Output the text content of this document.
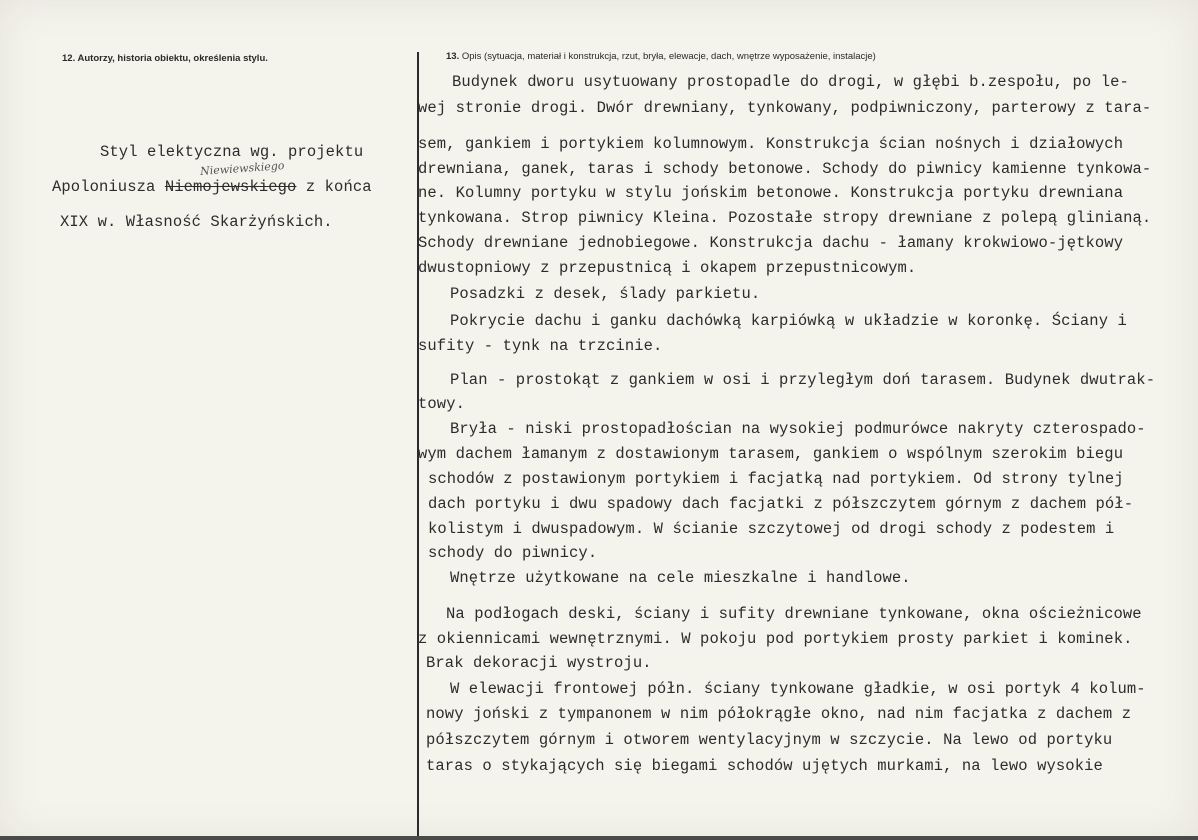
12. Autorzy, historia obiektu, określenia stylu.	13. Opis (sytuacja, materiał i konstrukcja, rzut, bryła, elewacje, dach, wnętrze wyposażenie, instalacje)
Styl elektyczna wg. projektu
Apoloniusza Niemojewskiego z końca
XIX w. Własność Skarżyńskich.
Niewiewskiego
Budynek dworu usytuowany prostopadle do drogi, w głębi b.zespołu, po le-
wej stronie drogi. Dwór drewniany, tynkowany, podpiwniczony, parterowy z tara-
sem, gankiem i portykiem kolumnowym. Konstrukcja ścian nośnych i działowych
drewniana, ganek, taras i schody betonowe. Schody do piwnicy kamienne tynkowa-
ne. Kolumny portyku w stylu jońskim betonowe. Konstrukcja portyku drewniana
tynkowana. Strop piwnicy Kleina. Pozostałe stropy drewniane z polepą glinianą.
Schody drewniane jednobiegowe. Konstrukcja dachu - łamany krokwiowo-jętkowy
dwustopniowy z przepustnicą i okapem przepustnicowym.
Posadzki z desek, ślady parkietu.
Pokrycie dachu i ganku dachówką karpiówką w układzie w koronkę. Ściany i
sufity - tynk na trzcinie.
Plan - prostokąt z gankiem w osi i przyległym doń tarasem. Budynek dwutrak-
towy.
Bryła - niski prostopadłościan na wysokiej podmurówce nakryty czterospado-
wym dachem łamanym z dostawionym tarasem, gankiem o wspólnym szerokim biegu
schodów z postawionym portykiem i facjatką nad portykiem. Od strony tylnej
dach portyku i dwu spadowy dach facjatki z półszczytem górnym z dachem pół-
kolistym i dwuspadowym. W ścianie szczytowej od drogi schody z podestem i
schody do piwnicy.
Wnętrze użytkowane na cele mieszkalne i handlowe.
Na podłogach deski, ściany i sufity drewniane tynkowane, okna ościeżnicowe
z okiennicami wewnętrznymi. W pokoju pod portykiem prosty parkiet i kominek.
Brak dekoracji wystroju.
W elewacji frontowej półn. ściany tynkowane gładkie, w osi portyk 4 kolum-
nowy joński z tympanonem w nim półokrągłe okno, nad nim facjatka z dachem z
półszczytem górnym i otworem wentylacyjnym w szczycie. Na lewo od portyku
taras o stykających się biegami schodów ujętych murkami, na lewo wysokie
